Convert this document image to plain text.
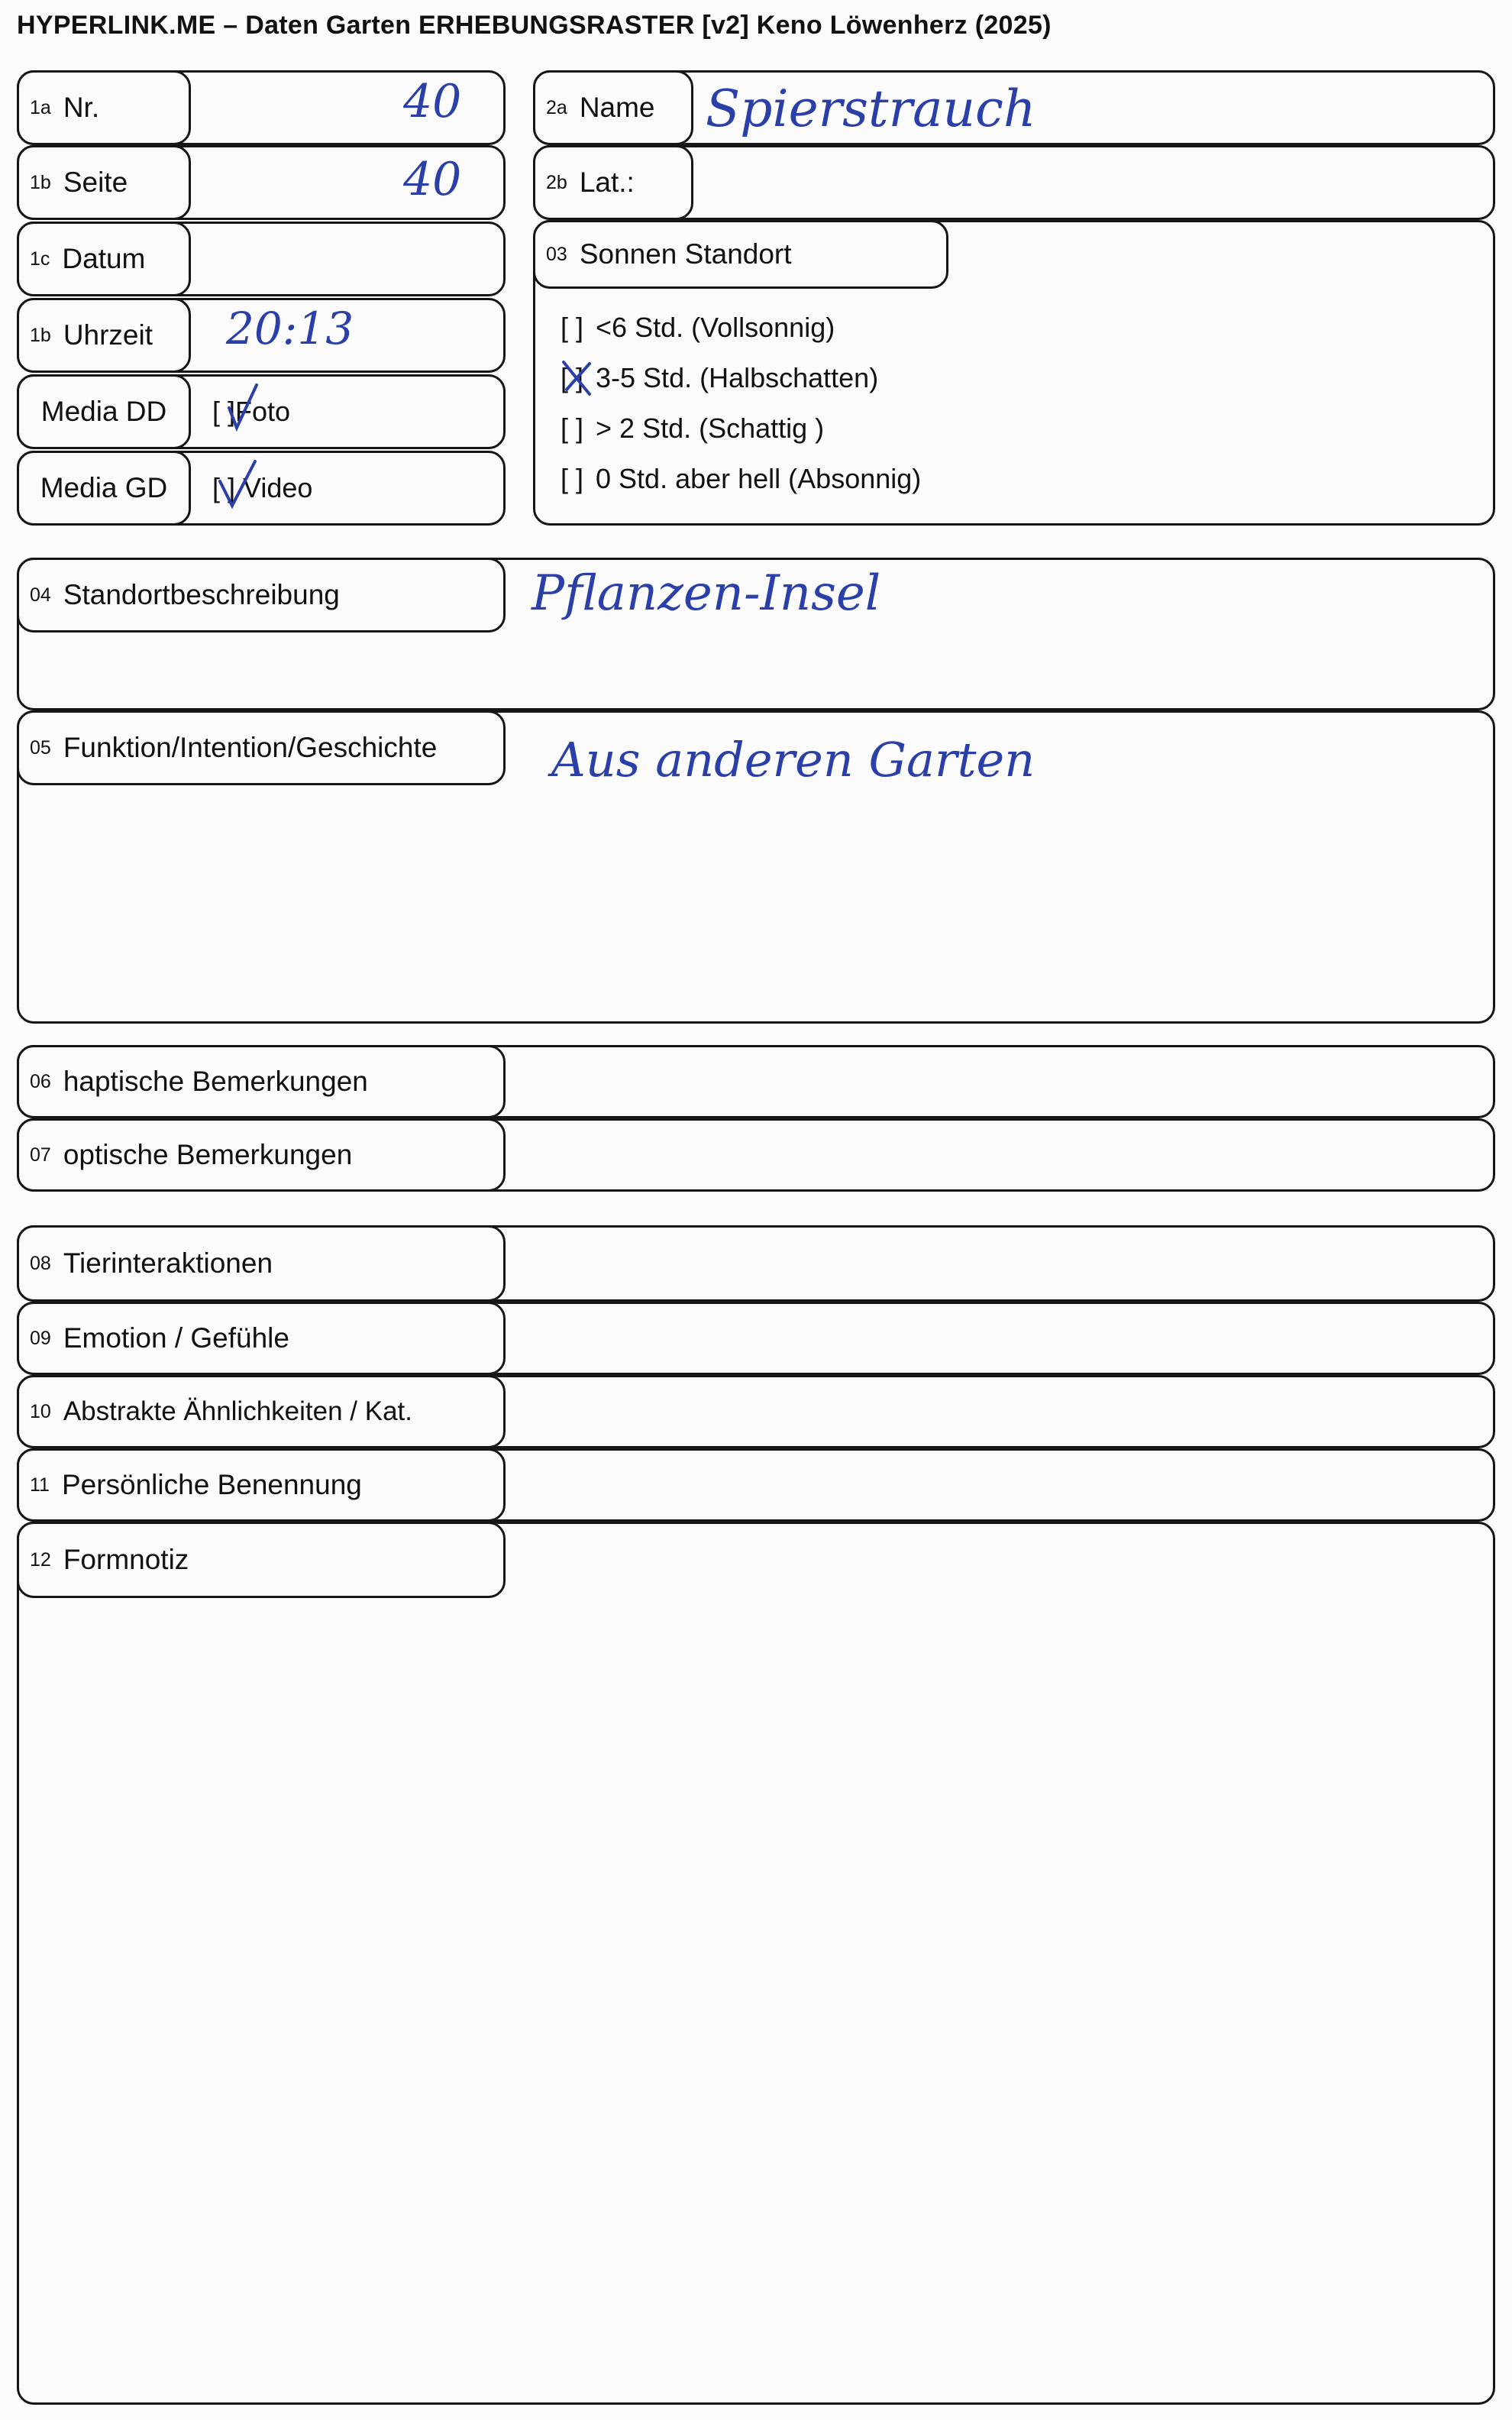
HYPERLINK.ME – Daten Garten ERHEBUNGSRASTER [v2] Keno Löwenherz (2025)
1a Nr.	40
1b Seite	40
1c Datum
1b Uhrzeit 20:13
Media DD [ ]Foto
Media GD [ ] Video
2a Name Spierstrauch
2b Lat.:
03 Sonnen Standort
[ ] <6 Std. (Vollsonnig)
[ ] 3-5 Std. (Halbschatten)
[ ] > 2 Std. (Schattig )
[ ] 0 Std. aber hell (Absonnig)
04 Standortbeschreibung	Pflanzen-Insel
05 Funktion/Intention/Geschichte Aus anderen Garten
06 haptische Bemerkungen
07 optische Bemerkungen
08 Tierinteraktionen
09 Emotion / Gefühle
10 Abstrakte Ähnlichkeiten / Kat.
11 Persönliche Benennung
12 Formnotiz
